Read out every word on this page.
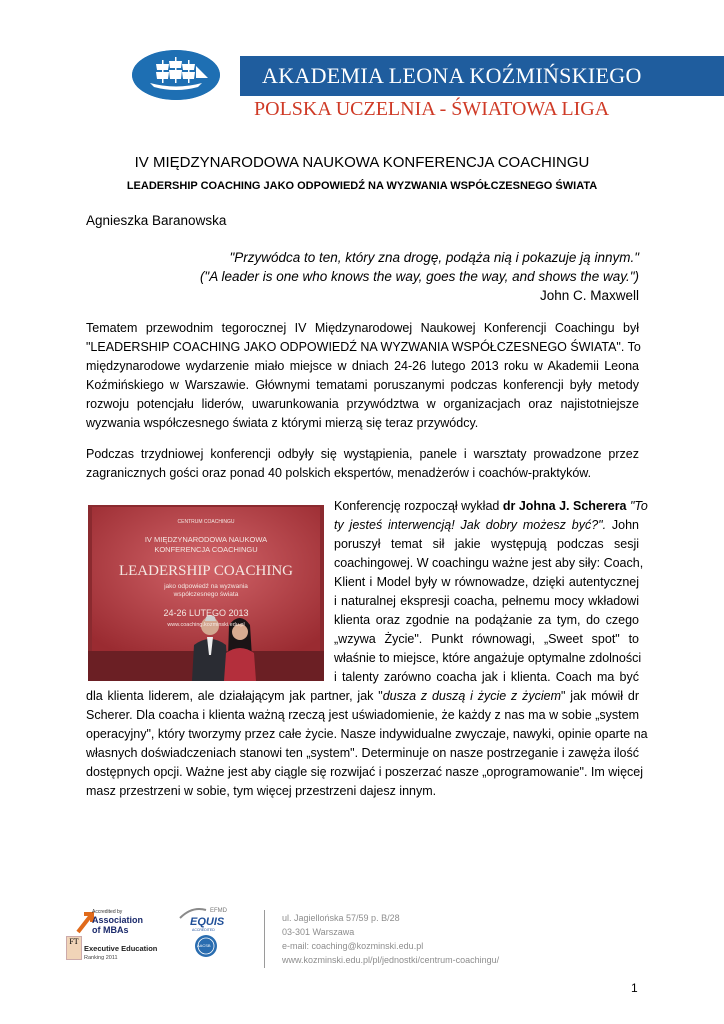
AKADEMIA LEONA KOŹMIŃSKIEGO
POLSKA UCZELNIA - ŚWIATOWA LIGA
IV MIĘDZYNARODOWA NAUKOWA KONFERENCJA COACHINGU
LEADERSHIP COACHING JAKO ODPOWIEDŹ NA WYZWANIA WSPÓŁCZESNEGO ŚWIATA
Agnieszka Baranowska
"Przywódca to ten, który zna drogę, podąża nią i pokazuje ją innym."
("A leader is one who knows the way, goes the way, and shows the way.")
John C. Maxwell
Tematem przewodnim tegorocznej IV Międzynarodowej Naukowej Konferencji Coachingu był
"LEADERSHIP COACHING JAKO ODPOWIEDŹ NA WYZWANIA WSPÓŁCZESNEGO ŚWIATA". To
międzynarodowe wydarzenie miało miejsce w dniach 24-26 lutego 2013 roku w Akademii Leona
Koźmińskiego w Warszawie. Głównymi tematami poruszanymi podczas konferencji były metody
rozwoju potencjału liderów, uwarunkowania przywództwa w organizacjach oraz najistotniejsze
wyzwania współczesnego świata z którymi mierzą się teraz przywódcy.
Podczas trzydniowej konferencji odbyły się wystąpienia, panele i warsztaty prowadzone przez
zagranicznych gości oraz ponad 40 polskich ekspertów, menadżerów i coachów-praktyków.
CENTRUM COACHINGU
IV MIĘDZYNARODOWA NAUKOWA
KONFERENCJA COACHINGU
LEADERSHIP COACHING
jako odpowiedź na wyzwania
współczesnego świata
24-26 LUTEGO 2013
www.coaching.kozminski.edu.pl
Konferencję rozpoczął wykład dr Johna J. Scherera "To
ty jesteś interwencją! Jak dobry możesz być?". John
poruszył temat sił jakie występują podczas sesji
coachingowej. W coachingu ważne jest aby siły: Coach,
Klient i Model były w równowadze, dzięki autentycznej
i naturalnej ekspresji coacha, pełnemu mocy wkładowi
klienta oraz zgodnie na podążanie za tym, do czego
„wzywa Życie". Punkt równowagi, „Sweet spot" to
właśnie to miejsce, które angażuje optymalne zdolności
i talenty zarówno coacha jak i klienta. Coach ma być
dla klienta liderem, ale działającym jak partner, jak "dusza z duszą i życie z życiem" jak mówił dr
Scherer. Dla coacha i klienta ważną rzeczą jest uświadomienie, że każdy z nas ma w sobie „system
operacyjny", który tworzymy przez całe życie. Nasze indywidualne zwyczaje, nawyki, opinie oparte na
własnych doświadczeniach stanowi ten „system". Determinuje on nasze postrzeganie i zawęża ilość
dostępnych opcji. Ważne jest aby ciągle się rozwijać i poszerzać nasze „oprogramowanie". Im więcej
masz przestrzeni w sobie, tym więcej przestrzeni dajesz innym.
Accredited by
Association
of MBAs
EFMD
EQUIS
ACCREDITED
AACSB
FT
Executive Education
Ranking 2011
ul. Jagiellońska 57/59 p. B/28
03-301 Warszawa
e-mail: coaching@kozminski.edu.pl
www.kozminski.edu.pl/pl/jednostki/centrum-coachingu/
1
